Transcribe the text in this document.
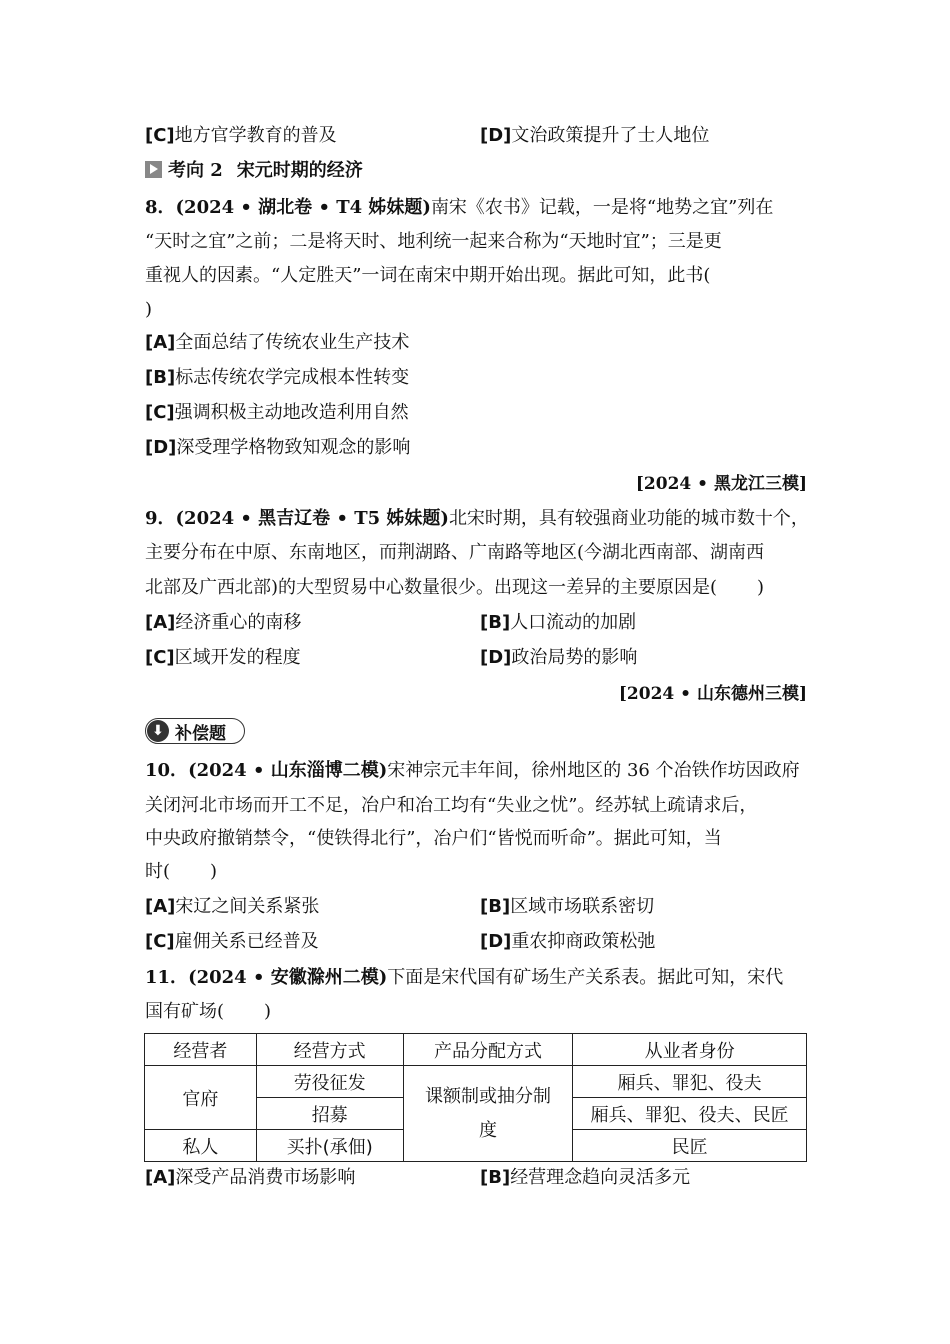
[C]地方官学教育的普及	[D]文治政策提升了士人地位
考向 2 宋元时期的经济
8．(2024 • 湖北卷 • T4 姊妹题)南宋《农书》记载，一是将“地势之宜”列在
“天时之宜”之前；二是将天时、地利统一起来合称为“天地时宜”；三是更
重视人的因素。“人定胜天”一词在南宋中期开始出现。据此可知，此书(
)
[A]全面总结了传统农业生产技术
[B]标志传统农学完成根本性转变
[C]强调积极主动地改造利用自然
[D]深受理学格物致知观念的影响
[2024 • 黑龙江三模]
9．(2024 • 黑吉辽卷 • T5 姊妹题)北宋时期，具有较强商业功能的城市数十个，
主要分布在中原、东南地区，而荆湖路、广南路等地区(今湖北西南部、湖南西
北部及广西北部)的大型贸易中心数量很少。出现这一差异的主要原因是( )
[A]经济重心的南移	[B]人口流动的加剧
[C]区域开发的程度	[D]政治局势的影响
[2024 • 山东德州三模]
⬇ 补偿题
10．(2024 • 山东淄博二模)宋神宗元丰年间，徐州地区的 36 个冶铁作坊因政府
关闭河北市场而开工不足，冶户和冶工均有“失业之忧”。经苏轼上疏请求后，
中央政府撤销禁令，“使铁得北行”，冶户们“皆悦而听命”。据此可知，当
时( )
[A]宋辽之间关系紧张	[B]区域市场联系密切
[C]雇佣关系已经普及	[D]重农抑商政策松弛
11．(2024 • 安徽滁州二模)下面是宋代国有矿场生产关系表。据此可知，宋代
国有矿场( )
经营者	经营方式	产品分配方式	从业者身份
官府	劳役征发	课额制或抽分制度	厢兵、罪犯、役夫
	招募		厢兵、罪犯、役夫、民匠
私人	买扑(承佃)		民匠
[A]深受产品消费市场影响	[B]经营理念趋向灵活多元
